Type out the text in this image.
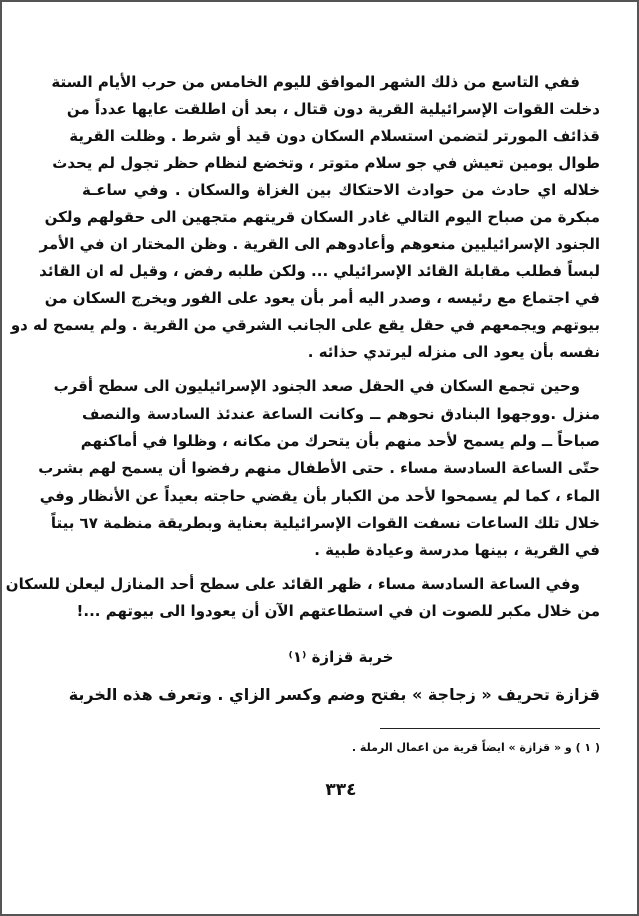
ففي التاسع من ذلك الشهر الموافق لليوم الخامس من حرب الأيام الستة
دخلت القوات الإسرائيلية القرية دون قتال ، بعد أن اطلقت عايها عدداً من
قذائف المورتر لتضمن استسلام السكان دون قيد أو شرط . وظلت القرية
طوال يومين تعيش في جو سلام متوتر ، وتخضع لنظام حظر تجول لم يحدث
خلاله اي حادث من حوادث الاحتكاك بين الغزاة والسكان . وفي ساعـة
مبكرة من صباح اليوم التالي غادر السكان قريتهم متجهين الى حقولهم ولكن
الجنود الإسرائيليين منعوهم وأعادوهم الى القرية . وظن المختار ان في الأمر
لبساً فطلب مقابلة القائد الإسرائيلي ... ولكن طلبه رفض ، وقيل له ان القائد
في اجتماع مع رئيسه ، وصدر اليه أمر بأن يعود على الفور ويخرج السكان من
بيوتهم ويجمعهم في حقل يقع على الجانب الشرقي من القرية . ولم يسمح له دو
نفسه بأن يعود الى منزله ليرتدي حذائه .
وحين تجمع السكان في الحقل صعد الجنود الإسرائيليون الى سطح أقرب
منزل .ووجهوا البنادق نحوهم ــ وكانت الساعة عندئذ السادسة والنصف
صباحاً ــ ولم يسمح لأحد منهم بأن يتحرك من مكانه ، وظلوا في أماكنهم
حتّى الساعة السادسة مساء . حتى الأطفال منهم رفضوا أن يسمح لهم بشرب
الماء ، كما لم يسمحوا لأحد من الكبار بأن يقضي حاجته بعيداً عن الأنظار وفي
خلال تلك الساعات نسفت القوات الإسرائيلية بعناية وبطريقة منظمة ٦٧ بيتاً
في القرية ، بينها مدرسة وعيادة طبية .
وفي الساعة السادسة مساء ، ظهر القائد على سطح أحد المنازل ليعلن للسكان
من خلال مكبر للصوت ان في استطاعتهم الآن أن يعودوا الى بيوتهم ...!
خربة قزازة ⁽١⁾
قزازة تحريف « زجاجة » بفتح وضم وكسر الزاي . وتعرف هذه الخربة
( ١ ) و « قزازة » ايضاً قرية من اعمال الرملة .
٣٣٤
